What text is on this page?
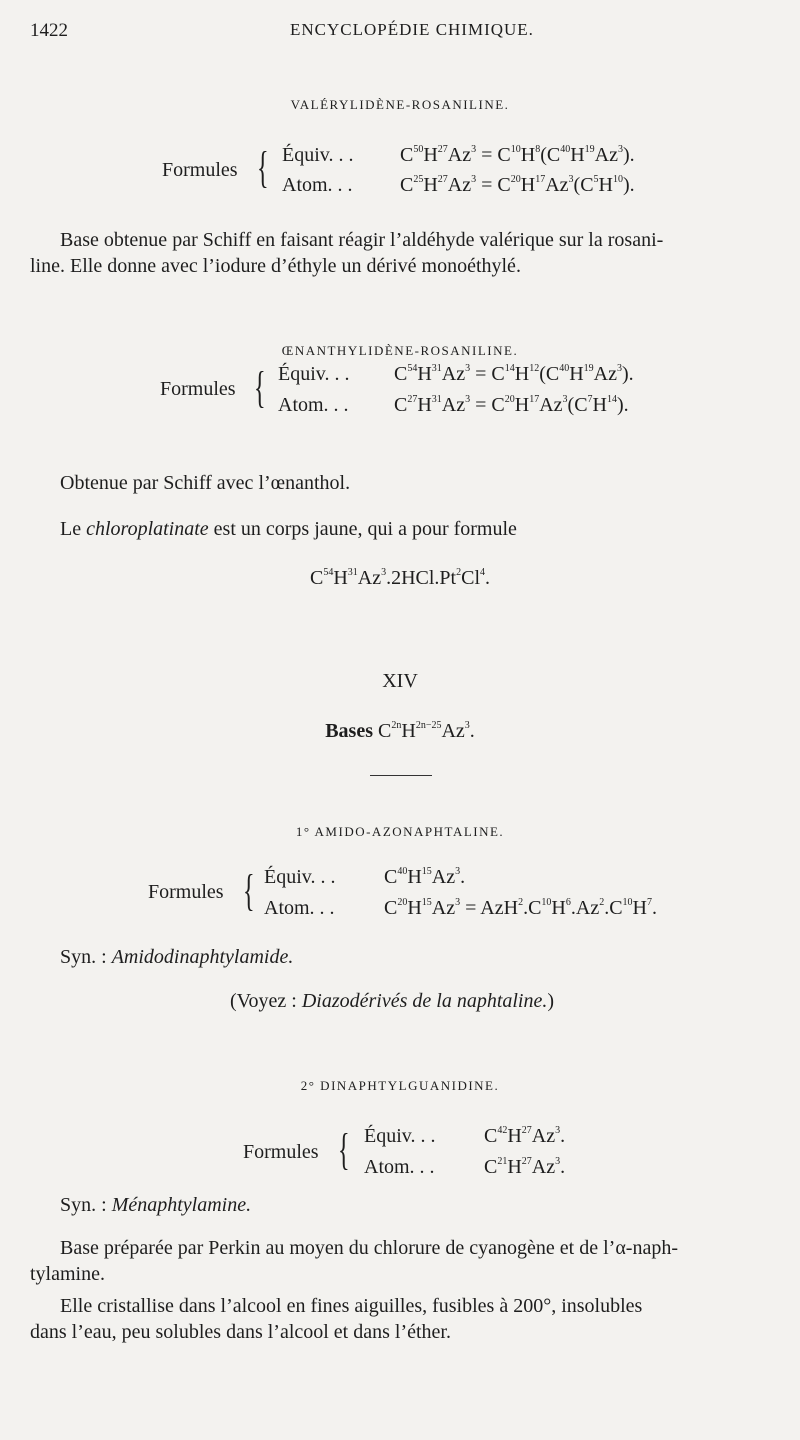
1422	ENCYCLOPÉDIE CHIMIQUE.
VALÉRYLIDÈNE-ROSANILINE.
Formules { Équiv. . . $C^{50}H^{27}Az^3 = C^{10}H^8(C^{40}H^{19}Az^3)$.
Atom. . . $C^{25}H^{27}Az^3 = C^{20}H^{17}Az^3(C^5H^{10})$.
Base obtenue par Schiff en faisant réagir l’aldéhyde valérique sur la rosani-
line. Elle donne avec l’iodure d’éthyle un dérivé monoéthylé.
ŒNANTHYLIDÈNE-ROSANILINE.
Formules { Équiv. . . $C^{54}H^{31}Az^3 = C^{14}H^{12}(C^{40}H^{19}Az^3)$.
Atom. . . $C^{27}H^{31}Az^3 = C^{20}H^{17}Az^3(C^7H^{14})$.
Obtenue par Schiff avec l’œnanthol.
Le chloroplatinate est un corps jaune, qui a pour formule
$C^{54}H^{31}Az^3.2HCl.Pt^2Cl^4$.
XIV
Bases $C^{2n}H^{2n-25}Az^3$.
1° AMIDO-AZONAPHTALINE.
Formules { Équiv. . . $C^{40}H^{15}Az^3$.
Atom. . . $C^{20}H^{15}Az^3 = AzH^2.C^{10}H^6.Az^2.C^{10}H^7$.
Syn. : Amidodinaphtylamide.
(Voyez : Diazodérivés de la naphtaline.)
2° DINAPHTYLGUANIDINE.
Formules { Équiv. . . $C^{42}H^{27}Az^3$.
Atom. . . $C^{21}H^{27}Az^3$.
Syn. : Ménaphtylamine.
Base préparée par Perkin au moyen du chlorure de cyanogène et de l’α-naph-
tylamine.
Elle cristallise dans l’alcool en fines aiguilles, fusibles à 200°, insolubles
dans l’eau, peu solubles dans l’alcool et dans l’éther.
